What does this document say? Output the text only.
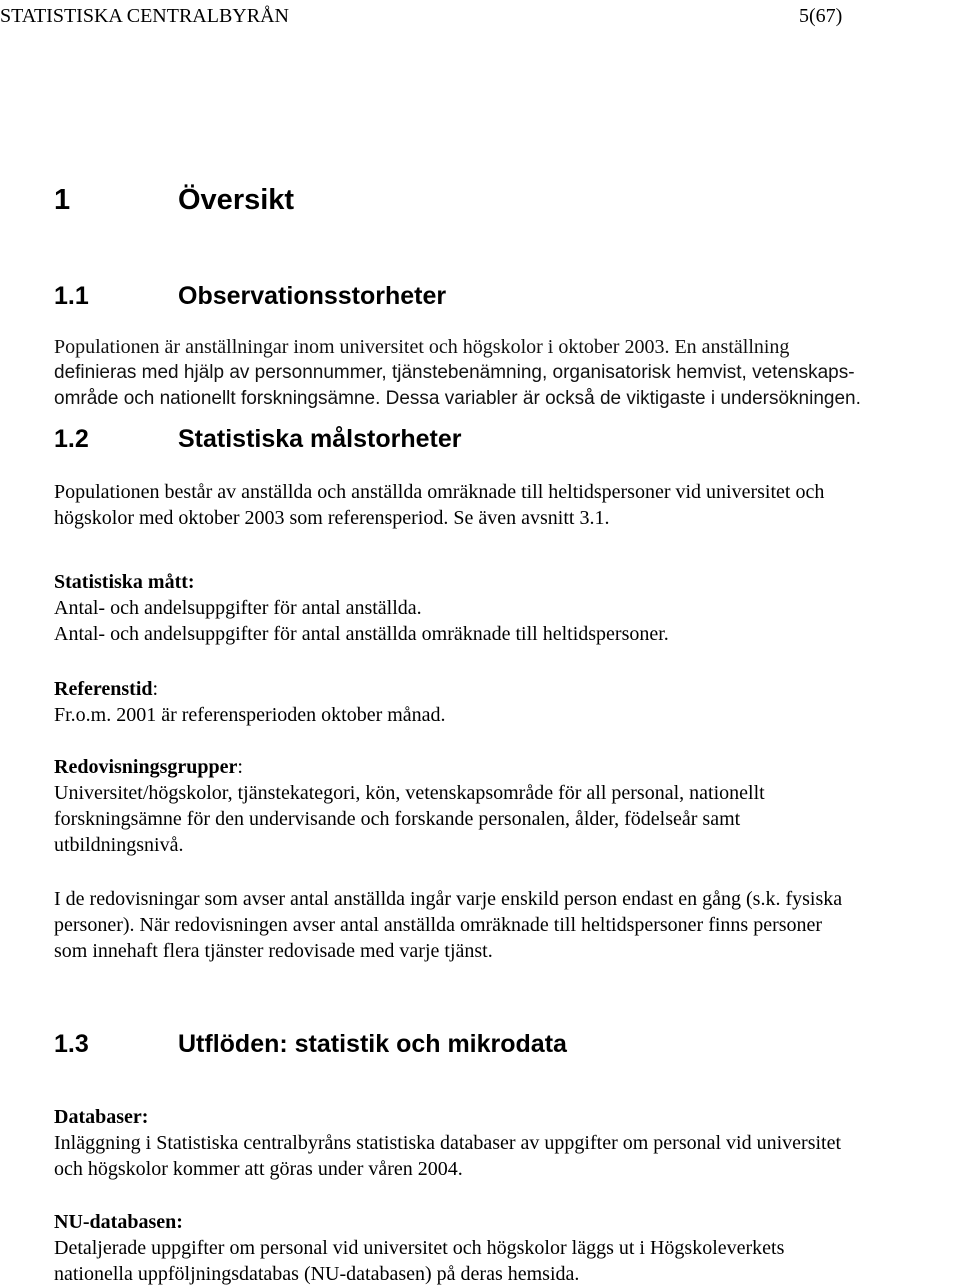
STATISTISKA CENTRALBYRÅN	5(67)
1	Översikt
1.1	Observationsstorheter
Populationen är anställningar inom universitet och högskolor i oktober 2003. En anställning
definieras med hjälp av personnummer, tjänstebenämning, organisatorisk hemvist, vetenskaps-
område och nationellt forskningsämne. Dessa variabler är också de viktigaste i undersökningen.
1.2	Statistiska målstorheter
Populationen består av anställda och anställda omräknade till heltidspersoner vid universitet och
högskolor med oktober 2003 som referensperiod. Se även avsnitt 3.1.
Statistiska mått:
Antal- och andelsuppgifter för antal anställda.
Antal- och andelsuppgifter för antal anställda omräknade till heltidspersoner.
Referenstid:
Fr.o.m. 2001 är referensperioden oktober månad.
Redovisningsgrupper:
Universitet/högskolor, tjänstekategori, kön, vetenskapsområde för all personal, nationellt
forskningsämne för den undervisande och forskande personalen, ålder, födelseår samt
utbildningsnivå.
I de redovisningar som avser antal anställda ingår varje enskild person endast en gång (s.k. fysiska
personer). När redovisningen avser antal anställda omräknade till heltidspersoner finns personer
som innehaft flera tjänster redovisade med varje tjänst.
1.3	Utflöden: statistik och mikrodata
Databaser:
Inläggning i Statistiska centralbyråns statistiska databaser av uppgifter om personal vid universitet
och högskolor kommer att göras under våren 2004.
NU-databasen:
Detaljerade uppgifter om personal vid universitet och högskolor läggs ut i Högskoleverkets
nationella uppföljningsdatabas (NU-databasen) på deras hemsida.
